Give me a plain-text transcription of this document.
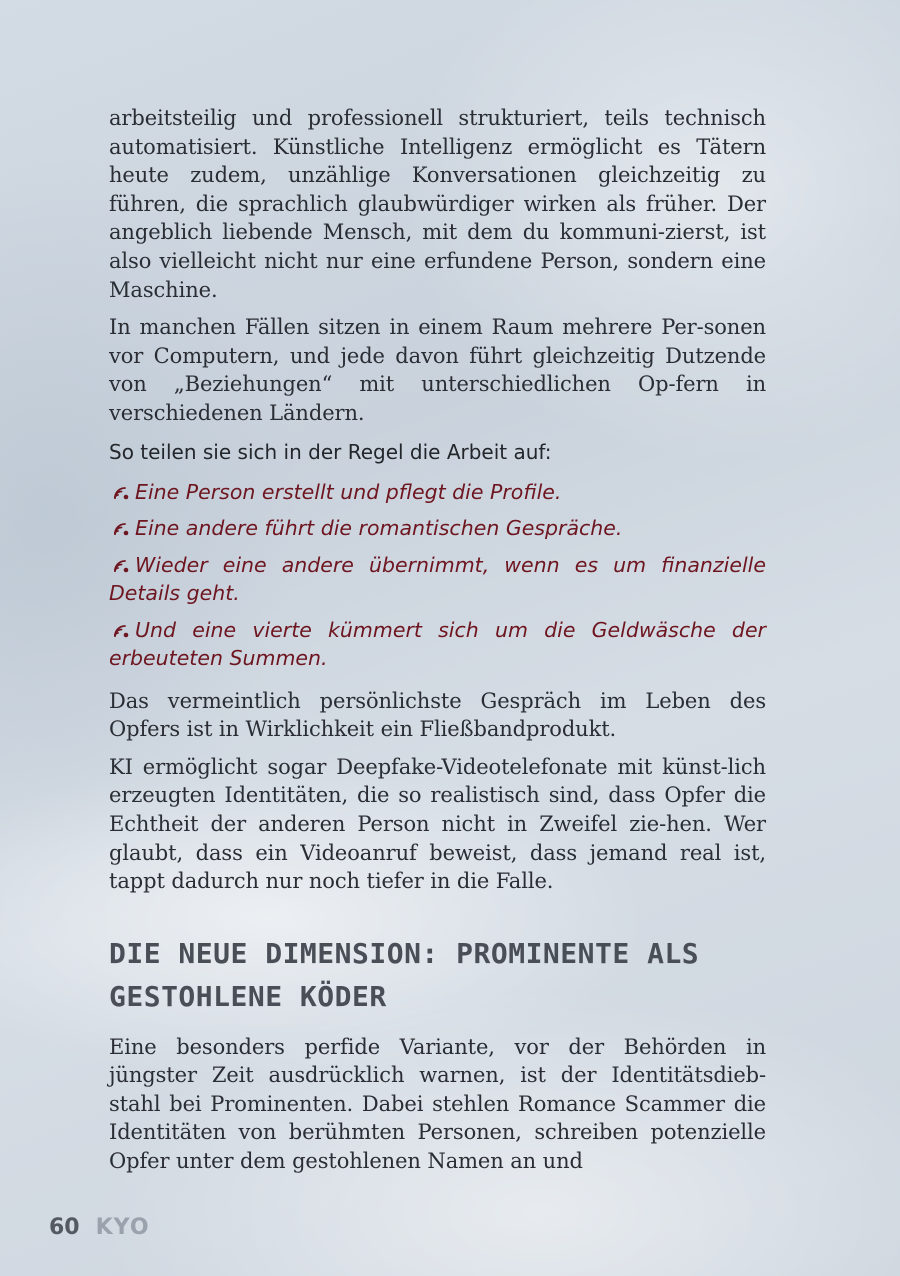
arbeitsteilig und professionell strukturiert, teils technisch automatisiert. Künstliche Intelligenz ermöglicht es Tätern heute zudem, unzählige Konversationen gleichzeitig zu führen, die sprachlich glaubwürdiger wirken als früher. Der angeblich liebende Mensch, mit dem du kommuni-zierst, ist also vielleicht nicht nur eine erfundene Person, sondern eine Maschine.

In manchen Fällen sitzen in einem Raum mehrere Per-sonen vor Computern, und jede davon führt gleichzeitig Dutzende von „Beziehungen“ mit unterschiedlichen Op-fern in verschiedenen Ländern.

So teilen sie sich in der Regel die Arbeit auf:

Eine Person erstellt und pflegt die Profile.

Eine andere führt die romantischen Gespräche.

Wieder eine andere übernimmt, wenn es um finanzielle Details geht.

Und eine vierte kümmert sich um die Geldwäsche der erbeuteten Summen.

Das vermeintlich persönlichste Gespräch im Leben des Opfers ist in Wirklichkeit ein Fließbandprodukt.

KI ermöglicht sogar Deepfake-Videotelefonate mit künst-lich erzeugten Identitäten, die so realistisch sind, dass Opfer die Echtheit der anderen Person nicht in Zweifel zie-hen. Wer glaubt, dass ein Videoanruf beweist, dass jemand real ist, tappt dadurch nur noch tiefer in die Falle.

DIE NEUE DIMENSION: PROMINENTE ALS GESTOHLENE KÖDER

Eine besonders perfide Variante, vor der Behörden in jüngster Zeit ausdrücklich warnen, ist der Identitätsdieb-stahl bei Prominenten. Dabei stehlen Romance Scammer die Identitäten von berühmten Personen, schreiben potenzielle Opfer unter dem gestohlenen Namen an und

60 KYO
